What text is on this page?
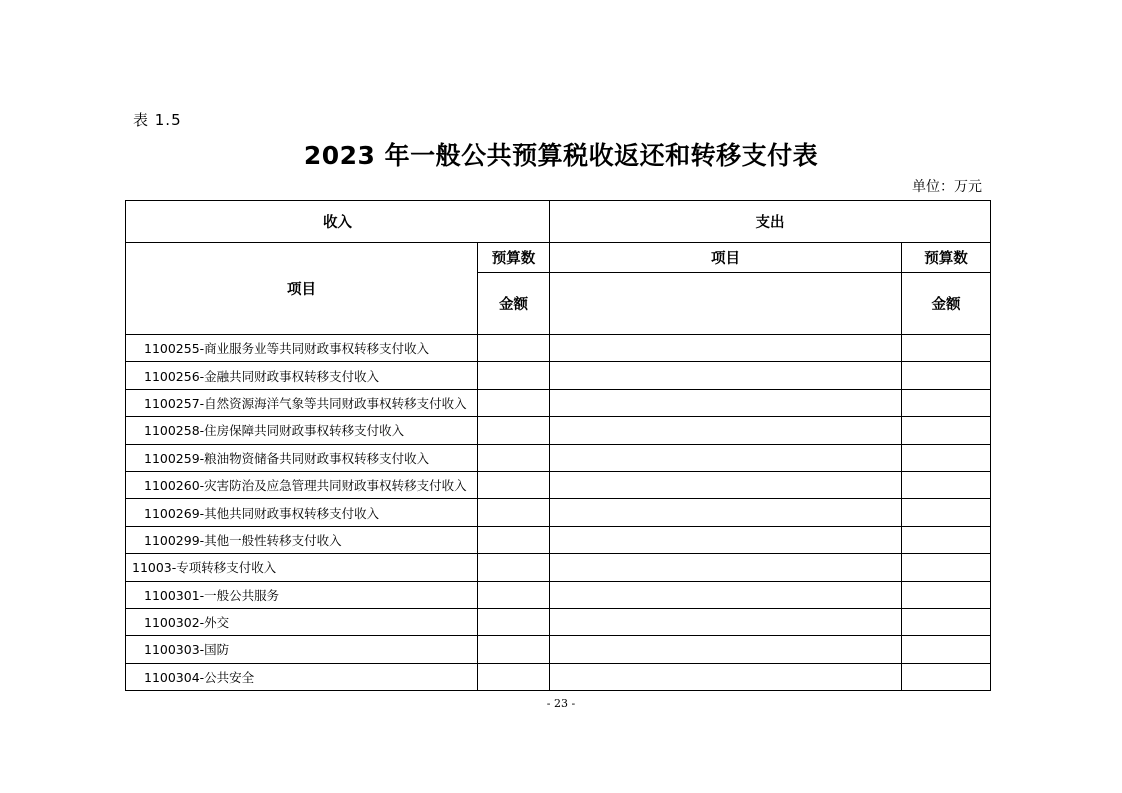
表 1.5
2023 年一般公共预算税收返还和转移支付表
单位：万元
收入		支出	
项目	预算数	项目	预算数
	金额		金额
1100255-商业服务业等共同财政事权转移支付收入			
1100256-金融共同财政事权转移支付收入			
1100257-自然资源海洋气象等共同财政事权转移支付收入			
1100258-住房保障共同财政事权转移支付收入			
1100259-粮油物资储备共同财政事权转移支付收入			
1100260-灾害防治及应急管理共同财政事权转移支付收入			
1100269-其他共同财政事权转移支付收入			
1100299-其他一般性转移支付收入			
11003-专项转移支付收入			
1100301-一般公共服务			
1100302-外交			
1100303-国防			
1100304-公共安全			
- 23 -
